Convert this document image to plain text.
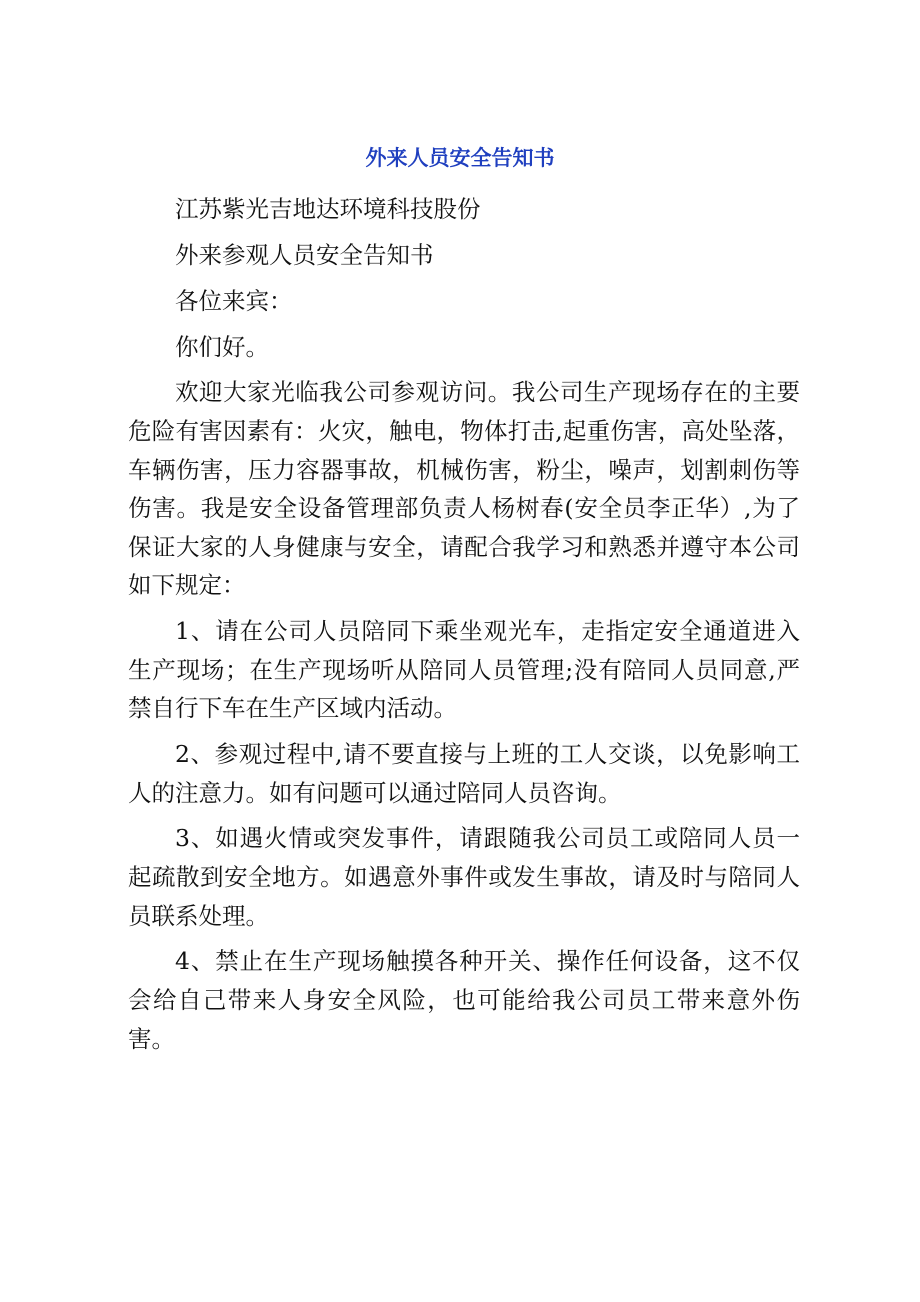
外来人员安全告知书

江苏紫光吉地达环境科技股份

外来参观人员安全告知书

各位来宾：

你们好。

欢迎大家光临我公司参观访问。我公司生产现场存在的主要危险有害因素有：火灾，触电，物体打击,起重伤害，高处坠落，车辆伤害，压力容器事故，机械伤害，粉尘，噪声，划割刺伤等伤害。我是安全设备管理部负责人杨树春(安全员李正华）,为了保证大家的人身健康与安全，请配合我学习和熟悉并遵守本公司如下规定：

1、请在公司人员陪同下乘坐观光车，走指定安全通道进入生产现场；在生产现场听从陪同人员管理;没有陪同人员同意,严禁自行下车在生产区域内活动。

2、参观过程中,请不要直接与上班的工人交谈，以免影响工人的注意力。如有问题可以通过陪同人员咨询。

3、如遇火情或突发事件，请跟随我公司员工或陪同人员一起疏散到安全地方。如遇意外事件或发生事故，请及时与陪同人员联系处理。

4、禁止在生产现场触摸各种开关、操作任何设备，这不仅会给自己带来人身安全风险，也可能给我公司员工带来意外伤害。
